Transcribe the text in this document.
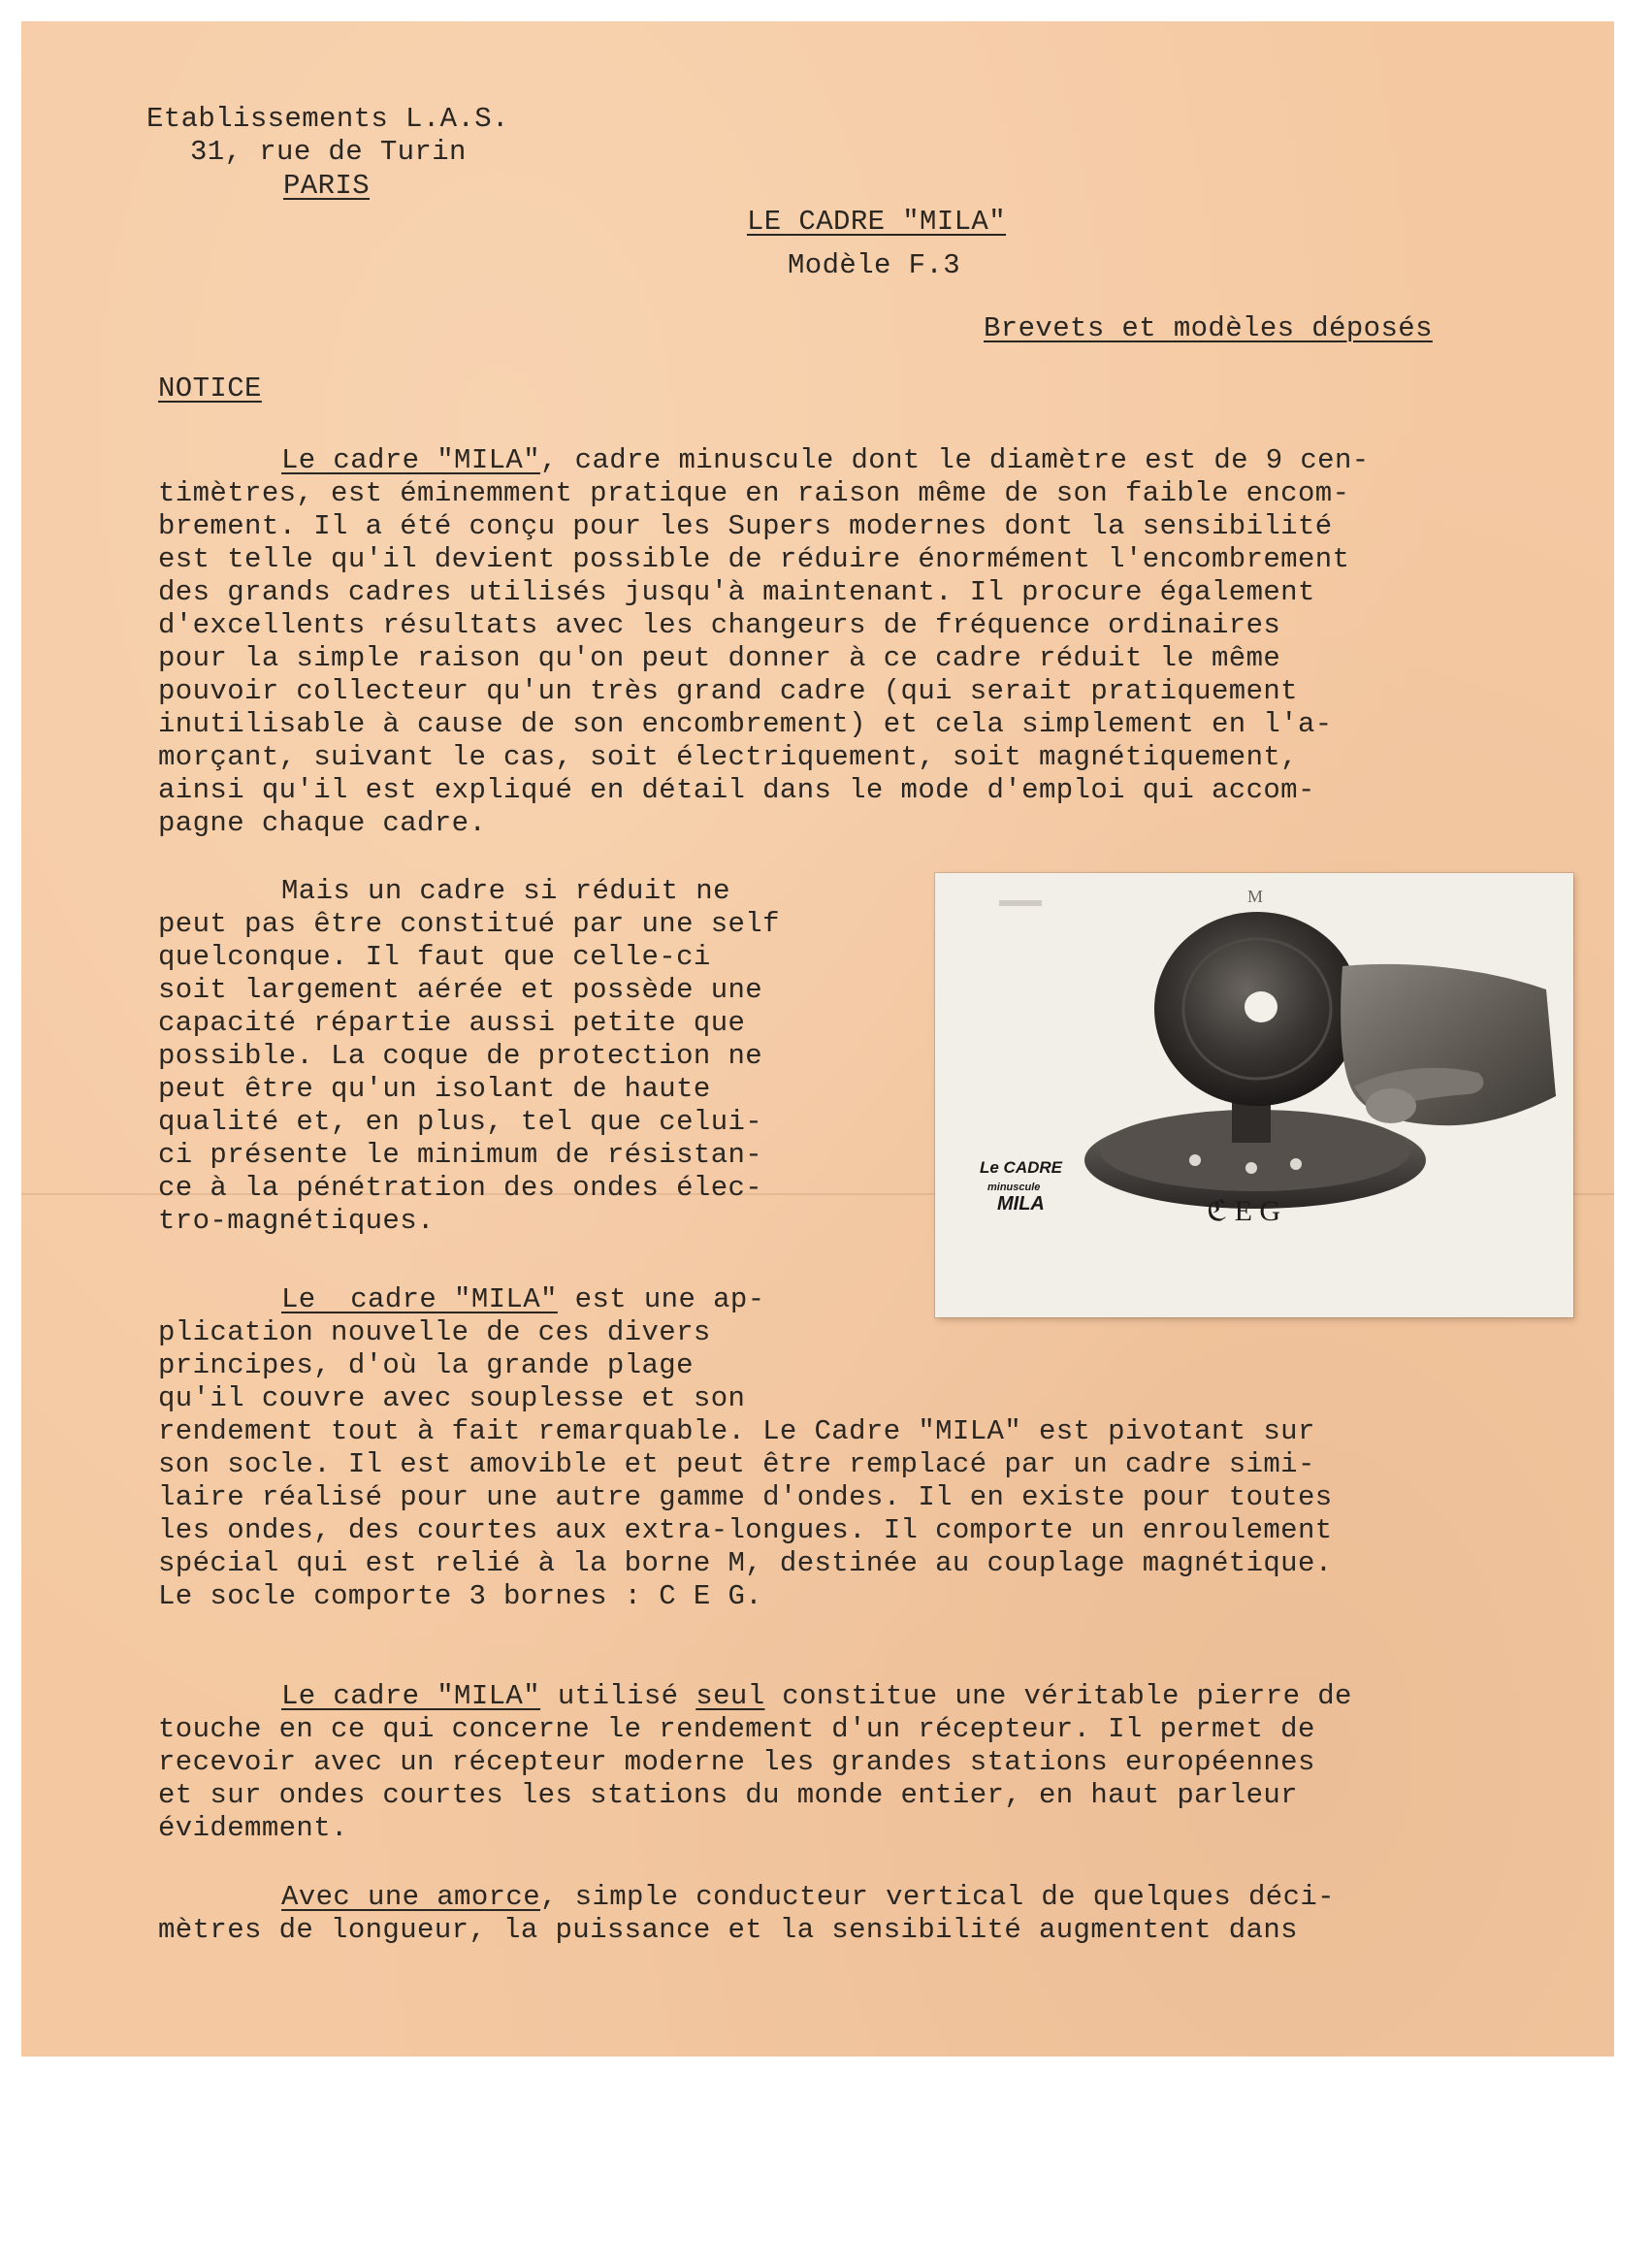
Etablissements L.A.S.
31, rue de Turin
PARIS
LE CADRE "MILA"
Modèle F.3
Brevets et modèles déposés
NOTICE
Le cadre "MILA", cadre minuscule dont le diamètre est de 9 cen-
timètres, est éminemment pratique en raison même de son faible encom-
brement. Il a été conçu pour les Supers modernes dont la sensibilité
est telle qu'il devient possible de réduire énormément l'encombrement
des grands cadres utilisés jusqu'à maintenant. Il procure également
d'excellents résultats avec les changeurs de fréquence ordinaires
pour la simple raison qu'on peut donner à ce cadre réduit le même
pouvoir collecteur qu'un très grand cadre (qui serait pratiquement
inutilisable à cause de son encombrement) et cela simplement en l'a-
morçant, suivant le cas, soit électriquement, soit magnétiquement,
ainsi qu'il est expliqué en détail dans le mode d'emploi qui accom-
pagne chaque cadre.
Mais un cadre si réduit ne
peut pas être constitué par une self
quelconque. Il faut que celle-ci
soit largement aérée et possède une
capacité répartie aussi petite que
possible. La coque de protection ne
peut être qu'un isolant de haute
qualité et, en plus, tel que celui-
ci présente le minimum de résistan-
ce à la pénétration des ondes élec-
tro-magnétiques.	ℭ E G
M
Le CADRE
minuscule
MILA
Le  cadre "MILA" est une ap-
plication nouvelle de ces divers
principes, d'où la grande plage
qu'il couvre avec souplesse et son
rendement tout à fait remarquable. Le Cadre "MILA" est pivotant sur
son socle. Il est amovible et peut être remplacé par un cadre simi-
laire réalisé pour une autre gamme d'ondes. Il en existe pour toutes
les ondes, des courtes aux extra-longues. Il comporte un enroulement
spécial qui est relié à la borne M, destinée au couplage magnétique.
Le socle comporte 3 bornes : C E G.
Le cadre "MILA" utilisé seul constitue une véritable pierre de
touche en ce qui concerne le rendement d'un récepteur. Il permet de
recevoir avec un récepteur moderne les grandes stations européennes
et sur ondes courtes les stations du monde entier, en haut parleur
évidemment.
Avec une amorce, simple conducteur vertical de quelques déci-
mètres de longueur, la puissance et la sensibilité augmentent dans
